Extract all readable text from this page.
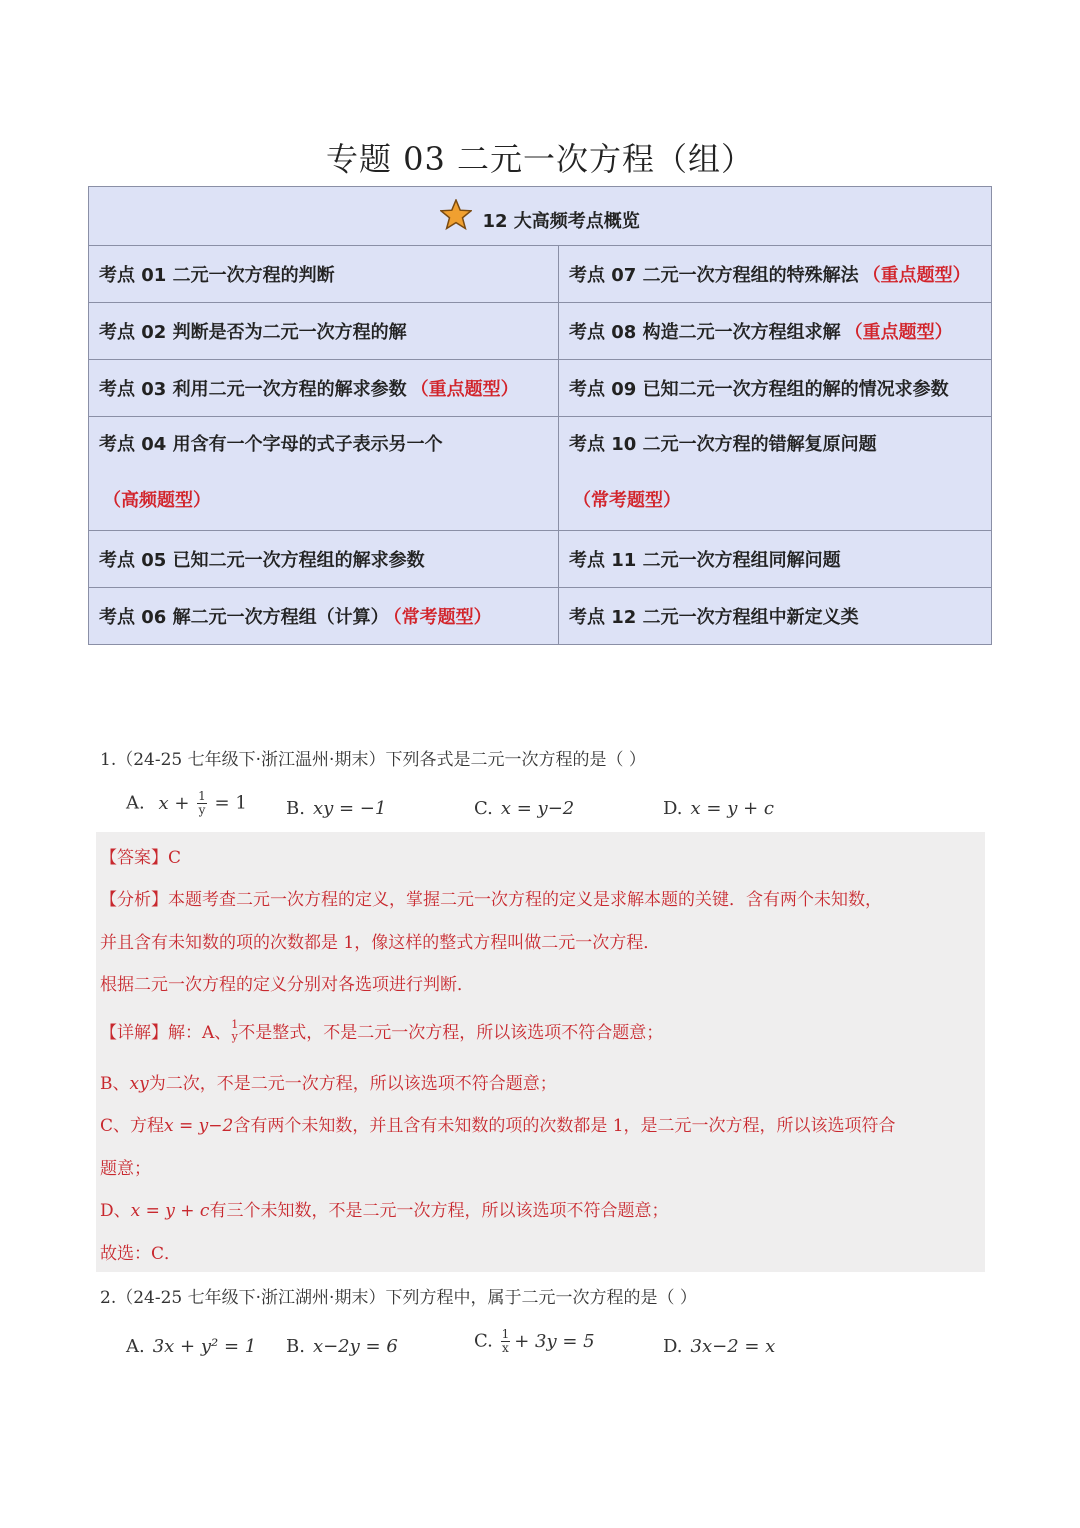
专题 03 二元一次方程（组）
12 大高频考点概览	
考点 01 二元一次方程的判断	考点 07 二元一次方程组的特殊解法 （重点题型）
考点 02 判断是否为二元一次方程的解	考点 08 构造二元一次方程组求解 （重点题型）
考点 03 利用二元一次方程的解求参数 （重点题型）	考点 09 已知二元一次方程组的解的情况求参数
考点 04 用含有一个字母的式子表示另一个（高频题型）	考点 10 二元一次方程的错解复原问题（常考题型）
考点 05 已知二元一次方程组的解求参数	考点 11 二元一次方程组同解问题
考点 06 解二元一次方程组（计算） （常考题型）	考点 12 二元一次方程组中新定义类
1.（24-25 七年级下·浙江温州·期末）下列各式是二元一次方程的是（ ）
A. $x + \frac{1}{y} = 1$ B. xy = −1	C. x = y−2	D. x = y + c
【答案】C
【分析】本题考查二元一次方程的定义，掌握二元一次方程的定义是求解本题的关键．含有两个未知数，
并且含有未知数的项的次数都是 1，像这样的整式方程叫做二元一次方程．
根据二元一次方程的定义分别对各选项进行判断．
【详解】解：A、 1
y 不是整式，不是二元一次方程，所以该选项不符合题意；
B、xy为二次，不是二元一次方程，所以该选项不符合题意；
C、方程x = y−2含有两个未知数，并且含有未知数的项的次数都是 1，是二元一次方程，所以该选项符合
题意；
D、x = y + c有三个未知数，不是二元一次方程，所以该选项不符合题意；
故选：C．
2.（24-25 七年级下·浙江湖州·期末）下列方程中，属于二元一次方程的是（ ）
A. 3x + y² = 1 B. x−2y = 6	C. $\frac{1}{x} + 3y = 5$	D. 3x−2 = x
